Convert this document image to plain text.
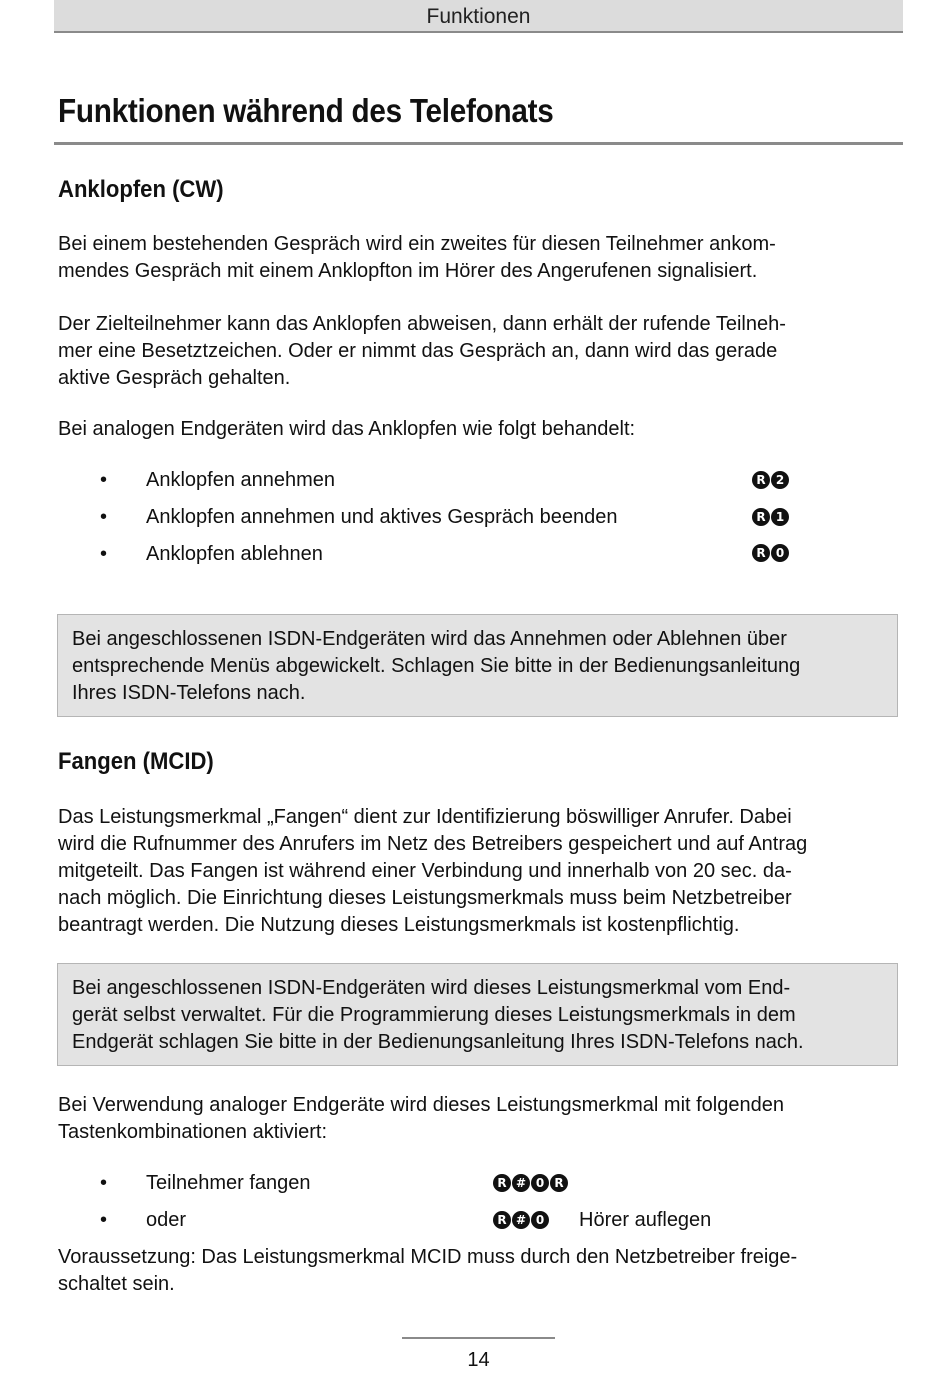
Funktionen
Funktionen während des Telefonats
Anklopfen (CW)
Bei einem bestehenden Gespräch wird ein zweites für diesen Teilnehmer ankom-
mendes Gespräch mit einem Anklopfton im Hörer des Angerufenen signalisiert.
Der Zielteilnehmer kann das Anklopfen abweisen, dann erhält der rufende Teilneh-
mer eine Besetztzeichen. Oder er nimmt das Gespräch an, dann wird das gerade
aktive Gespräch gehalten.
Bei analogen Endgeräten wird das Anklopfen wie folgt behandelt:
• Anklopfen annehmen	R 2
• Anklopfen annehmen und aktives Gespräch beenden	R 1
• Anklopfen ablehnen	R 0
Bei angeschlossenen ISDN-Endgeräten wird das Annehmen oder Ablehnen über
entsprechende Menüs abgewickelt. Schlagen Sie bitte in der Bedienungsanleitung
Ihres ISDN-Telefons nach.
Fangen (MCID)
Das Leistungsmerkmal „Fangen“ dient zur Identifizierung böswilliger Anrufer. Dabei
wird die Rufnummer des Anrufers im Netz des Betreibers gespeichert und auf Antrag
mitgeteilt. Das Fangen ist während einer Verbindung und innerhalb von 20 sec. da-
nach möglich. Die Einrichtung dieses Leistungsmerkmals muss beim Netzbetreiber
beantragt werden. Die Nutzung dieses Leistungsmerkmals ist kostenpflichtig.
Bei angeschlossenen ISDN-Endgeräten wird dieses Leistungsmerkmal vom End-
gerät selbst verwaltet. Für die Programmierung dieses Leistungsmerkmals in dem
Endgerät schlagen Sie bitte in der Bedienungsanleitung Ihres ISDN-Telefons nach.
Bei Verwendung analoger Endgeräte wird dieses Leistungsmerkmal mit folgenden
Tastenkombinationen aktiviert:
• Teilnehmer fangen	R # 0 R
• oder	R # 0 Hörer auflegen
Voraussetzung: Das Leistungsmerkmal MCID muss durch den Netzbetreiber freige-
schaltet sein.
14
